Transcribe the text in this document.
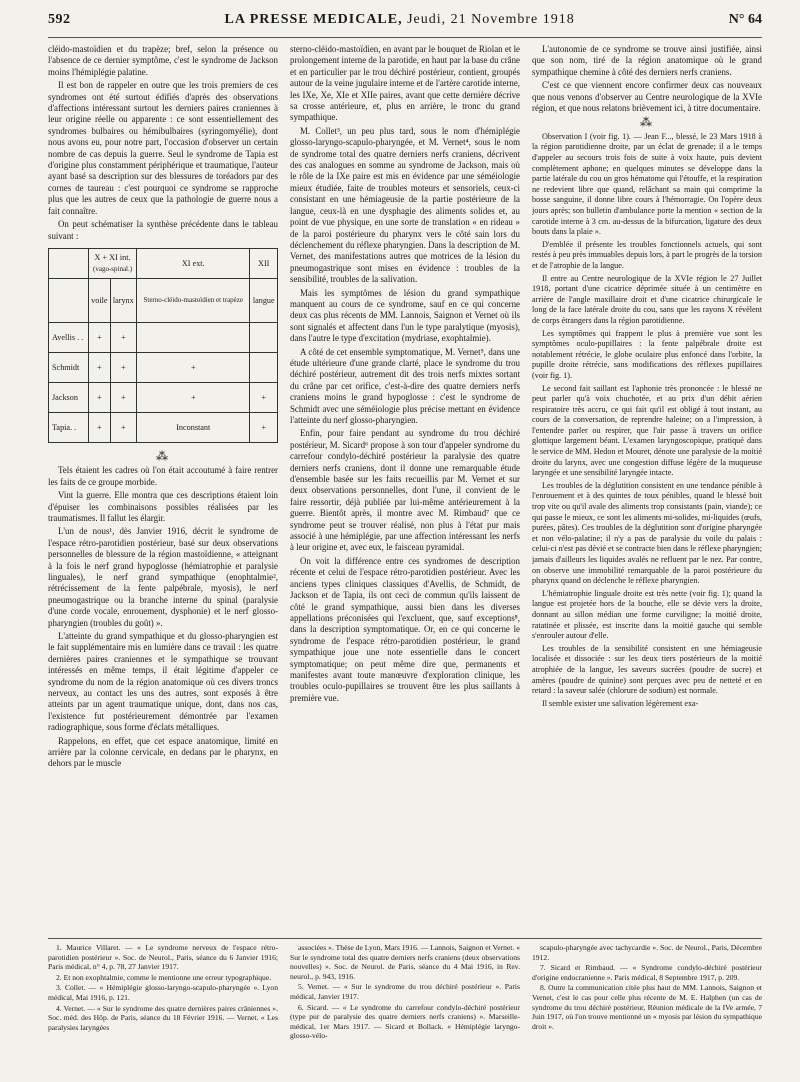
592	LA PRESSE MEDICALE, Jeudi, 21 Novembre 1918	N° 64

cléido-mastoïdien et du trapèze; bref, selon la présence ou l'absence de ce dernier symptôme, c'est le syndrome de Jackson moins l'hémiplégie palatine.

Il est bon de rappeler en outre que les trois premiers de ces syndromes ont été surtout édifiés d'après des observations d'affections intéressant surtout les derniers paires craniennes à leur origine réelle ou apparente : ce sont essentiellement des syndromes bulbaires ou hémibulbaires (syringomyélie), dont nous avons eu, pour notre part, l'occasion d'observer un certain nombre de cas depuis la guerre. Seul le syndrome de Tapia est d'origine plus constamment périphérique et traumatique, l'auteur ayant basé sa description sur des blessures de toréadors par des cornes de taureau : c'est pourquoi ce syndrome se rapproche plus que les autres de ceux que la pathologie de guerre nous a fait connaître.

On peut schématiser la synthèse précédente dans le tableau suivant :

	X + XI int.
(vago-spinal.)		XI ext.	XII
	voile	larynx	Sterno-cléido-mastoïdien et trapèze	langue
Avellis . .	+	+		
Schmidt	+	+	+	
Jackson	+	+	+	+
Tapia. .	+	+	Inconstant	+
⁂

Tels étaient les cadres où l'on était accoutumé à faire rentrer les faits de ce groupe morbide.

Vint la guerre. Elle montra que ces descriptions étaient loin d'épuiser les combinaisons possibles réalisées par les traumatismes. Il fallut les élargir.

L'un de nous¹, dès Janvier 1916, décrit le syndrome de l'espace rétro-parotidien postérieur, basé sur deux observations personnelles de blessure de la région mastoïdienne, « atteignant à la fois le nerf grand hypoglosse (hémiatrophie et paralysie linguales), le nerf grand sympathique (enophtalmie², rétrécissement de la fente palpébrale, myosis), le nerf pneumogastrique ou la branche interne du spinal (paralysie d'une corde vocale, enrouement, dysphonie) et le nerf glosso-pharyngien (troubles du goût) ».

L'atteinte du grand sympathique et du glosso-pharyngien est le fait supplémentaire mis en lumière dans ce travail : les quatre dernières paires craniennes et le sympathique se trouvant intéressés en même temps, il était légitime d'appeler ce syndrome du nom de la région anatomique où ces divers troncs nerveux, au contact les uns des autres, sont exposés à être atteints par un agent traumatique unique, dont, dans nos cas, l'existence fut postérieurement démontrée par l'examen radiographique, sous forme d'éclats métalliques.

Rappelons, en effet, que cet espace anatomique, limité en arrière par la colonne cervicale, en dedans par le pharynx, en dehors par le muscle

sterno-cléido-mastoïdien, en avant par le bouquet de Riolan et le prolongement interne de la parotide, en haut par la base du crâne et en particulier par le trou déchiré postérieur, contient, groupés autour de la veine jugulaire interne et de l'artère carotide interne, les IXe, Xe, XIe et XIIe paires, avant que cette dernière décrive sa crosse antérieure, et, plus en arrière, le tronc du grand sympathique.

M. Collet³, un peu plus tard, sous le nom d'hémiplégie glosso-laryngo-scapulo-pharyngée, et M. Vernet⁴, sous le nom de syndrome total des quatre derniers nerfs craniens, décrivent des cas analogues en somme au syndrome de Jackson, mais où le rôle de la IXe paire est mis en évidence par une séméiologie mieux étudiée, faite de troubles moteurs et sensoriels, ceux-ci consistant en une hémiageusie de la partie postérieure de la langue, ceux-là en une dysphagie des aliments solides et, au point de vue physique, en une sorte de translation « en rideau » de la paroi postérieure du pharynx vers le côté sain lors du déclenchement du réflexe pharyngien. Dans la description de M. Vernet, des manifestations autres que motrices de la lésion du pneumogastrique sont mises en évidence : troubles de la sensibilité, troubles de la salivation.

Mais les symptômes de lésion du grand sympathique manquent au cours de ce syndrome, sauf en ce qui concerne deux cas plus récents de MM. Lannois, Saignon et Vernet où ils sont signalés et affectent dans l'un le type paralytique (myosis), dans l'autre le type d'excitation (mydriase, exophtalmie).

A côté de cet ensemble symptomatique, M. Vernet⁵, dans une étude ultérieure d'une grande clarté, place le syndrome du trou déchiré postérieur, autrement dit des trois nerfs mixtes sortant du crâne par cet orifice, c'est-à-dire des quatre derniers nerfs craniens moins le grand hypoglosse : c'est le syndrome de Schmidt avec une séméiologie plus précise mettant en évidence l'atteinte du nerf glosso-pharyngien.

Enfin, pour faire pendant au syndrome du trou déchiré postérieur, M. Sicard⁶ propose à son tour d'appeler syndrome du carrefour condylo-déchiré postérieur la paralysie des quatre derniers nerfs craniens, dont il donne une remarquable étude d'ensemble basée sur les faits recueillis par M. Vernet et sur deux observations personnelles, dont l'une, il convient de le faire ressortir, déjà publiée par lui-même antérieurement à la guerre. Bientôt après, il montre avec M. Rimbaud⁷ que ce syndrome peut se trouver réalisé, non plus à l'état pur mais associé à une hémiplégie, par une affection intéressant les nerfs à leur origine et, avec eux, le faisceau pyramidal.

On voit la différence entre ces syndromes de description récente et celui de l'espace rétro-parotidien postérieur. Avec les anciens types cliniques classiques d'Avellis, de Schmidt, de Jackson et de Tapia, ils ont ceci de commun qu'ils laissent de côté le grand sympathique, aussi bien dans les diverses appellations préconisées qui l'excluent, que, sauf exceptions⁸, dans la description symptomatique. Or, en ce qui concerne le syndrome de l'espace rétro-parotidien postérieur, le grand sympathique joue une note essentielle dans le concert symptomatique; on peut même dire que, permanents et manifestes avant toute manœuvre d'exploration clinique, les troubles oculo-pupillaires se trouvent être les plus saillants à première vue.

L'autonomie de ce syndrome se trouve ainsi justifiée, ainsi que son nom, tiré de la région anatomique où le grand sympathique chemine à côté des derniers nerfs craniens.

C'est ce que viennent encore confirmer deux cas nouveaux que nous venons d'observer au Centre neurologique de la XVIe région, et que nous relatons brièvement ici, à titre documentaire.

⁂

Observation I (voir fig. 1). — Jean F..., blessé, le 23 Mars 1918 à la région parotidienne droite, par un éclat de grenade; il a le temps d'appeler au secours trois fois de suite à voix haute, puis devient complètement aphone; en quelques minutes se développe dans la partie latérale du cou un gros hématome qui l'étouffe, et la respiration ne redevient libre que quand, relâchant sa main qui comprime la bosse sanguine, il donne libre cours à l'hémorragie. On l'opère deux jours après; son bulletin d'ambulance porte la mention « section de la carotide interne à 3 cm. au-dessus de la bifurcation, ligature des deux bouts dans la plaie ».

D'emblée il présente les troubles fonctionnels actuels, qui sont restés à peu près immuables depuis lors, à part le progrès de la torsion et de l'atrophie de la langue.

Il entre au Centre neurologique de la XVIe région le 27 Juillet 1918, portant d'une cicatrice déprimée située à un centimètre en arrière de l'angle maxillaire droit et d'une cicatrice chirurgicale le long de la face latérale droite du cou, sans que les rayons X révèlent de corps étrangers dans la région parotidienne.

Les symptômes qui frappent le plus à première vue sont les symptômes oculo-pupillaires : la fente palpébrale droite est notablement rétrécie, le globe oculaire plus enfoncé dans l'orbite, la pupille droite rétrécie, sans modifications des réflexes pupillaires (voir fig. 1).

Le second fait saillant est l'aphonie très prononcée : le blessé ne peut parler qu'à voix chuchotée, et au prix d'un débit aérien respiratoire très accru, ce qui fait qu'il est obligé à tout instant, au cours de la conversation, de reprendre haleine; on a l'impression, à l'entendre parler ou respirer, que l'air passe à travers un orifice glottique largement béant. L'examen laryngoscopique, pratiqué dans le service de MM. Hedon et Mouret, dénote une paralysie de la moitié droite du larynx, avec une congestion diffuse légère de la muqueuse laryngée et une sensibilité laryngée intacte.

Les troubles de la déglutition consistent en une tendance pénible à l'enrouement et à des quintes de toux pénibles, quand le blessé boit trop vite ou qu'il avale des aliments trop consistants (pain, viande); ce qui passe le mieux, ce sont les aliments mi-solides, mi-liquides (œufs, purées, pâtes). Ces troubles de la déglutition sont d'origine pharyngée et non vélo-palatine; il n'y a pas de paralysie du voile du palais : celui-ci n'est pas dévié et se contracte bien dans le réflexe pharyngien; jamais d'ailleurs les liquides avalés ne refluent par le nez. Par contre, on observe une immobilité remarquable de la paroi postérieure du pharynx quand on déclenche le réflexe pharyngien.

L'hémiatrophie linguale droite est très nette (voir fig. 1); quand la langue est projetée hors de la bouche, elle se dévie vers la droite, donnant au sillon médian une forme curviligne; la moitié droite, ratatinée et plissée, est inscrite dans la moitié gauche qui semble s'enrouler autour d'elle.

Les troubles de la sensibilité consistent en une hémiageusie localisée et dissociée : sur les deux tiers postérieurs de la moitié atrophiée de la langue, les saveurs sucrées (poudre de sucre) et amères (poudre de quinine) sont perçues avec peu de netteté et en retard : la saveur salée (chlorure de sodium) est normale.

Il semble exister une salivation légèrement exa-

1. Maurice Villaret. — « Le syndrome nerveux de l'espace rétro-parotidien postérieur ». Soc. de Neurol., Paris, séance du 6 Janvier 1916; Paris médical, n° 4, p. 78, 27 Janvier 1917.

2. Et non exophtalmie, comme le mentionne une erreur typographique.

3. Collet. — « Hémiplégie glosso-laryngo-scapulo-pharyngée ». Lyon médical, Mai 1916, p. 121.

4. Vernet. — « Sur le syndrome des quatre dernières paires crâniennes ». Soc. méd. des Hôp. de Paris, séance du 18 Février 1916. — Vernet. « Les paralysies laryngées

associées ». Thèse de Lyon, Mars 1916. — Lannois, Saignon et Vernet. « Sur le syndrome total des quatre derniers nerfs craniens (deux observations nouvelles) ». Soc. de Neurol. de Paris, séance du 4 Mai 1916, in Rev. neurol., p. 943, 1916.

5. Vernet. — « Sur le syndrome du trou déchiré postérieur ». Paris médical, Janvier 1917.

6. Sicard. — « Le syndrome du carrefour condylo-déchiré postérieur (type pur de paralysie des quatre derniers nerfs craniens) ». Marseille-médical, 1er Mars 1917. — Sicard et Bollack. « Hémiplégie laryngo-glosso-vélo-

scapulo-pharyngée avec tachycardie ». Soc. de Neurol., Paris, Décembre 1912.

7. Sicard et Rimbaud. — « Syndrome condylo-déchiré postérieur d'origine endocranienne ». Paris médical, 8 Septembre 1917, p. 209.

8. Outre la communication citée plus haut de MM. Lannois, Saignon et Vernet, c'est le cas pour celle plus récente de M. E. Halphen (un cas de syndrome du trou déchiré postérieur, Réunion médicale de la IVe armée, 7 Juin 1917, où l'on trouve mentionné un « myosis par lésion du sympathique droit ».
